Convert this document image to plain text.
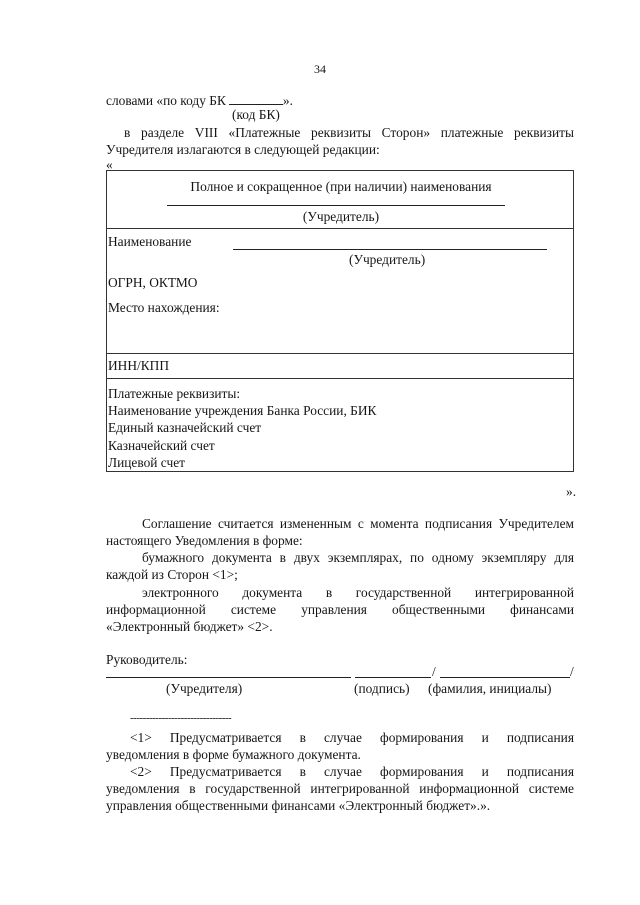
34
словами «по коду БК	».
(код БК)
в разделе VIII «Платежные реквизиты Сторон» платежные реквизиты
Учредителя излагаются в следующей редакции:
«
Полное и сокращенное (при наличии) наименования
(Учредитель)

Наименование
(Учредитель)
ОГРН, ОКТМО
Место нахождения:

ИНН/КПП

Платежные реквизиты:
Наименование учреждения Банка России, БИК
Единый казначейский счет
Казначейский счет
Лицевой счет
».
Соглашение считается измененным с момента подписания Учредителем
настоящего Уведомления в форме:
бумажного документа в двух экземплярах, по одному экземпляру для
каждой из Сторон <1>;
электронного документа в государственной интегрированной
информационной системе управления общественными финансами
«Электронный бюджет» <2>.
Руководитель:
/	/
(Учредителя)	(подпись) (фамилия, инициалы)
--------------------------------
<1> Предусматривается в случае формирования и подписания
уведомления в форме бумажного документа.
<2> Предусматривается в случае формирования и подписания
уведомления в государственной интегрированной информационной системе
управления общественными финансами «Электронный бюджет».».
